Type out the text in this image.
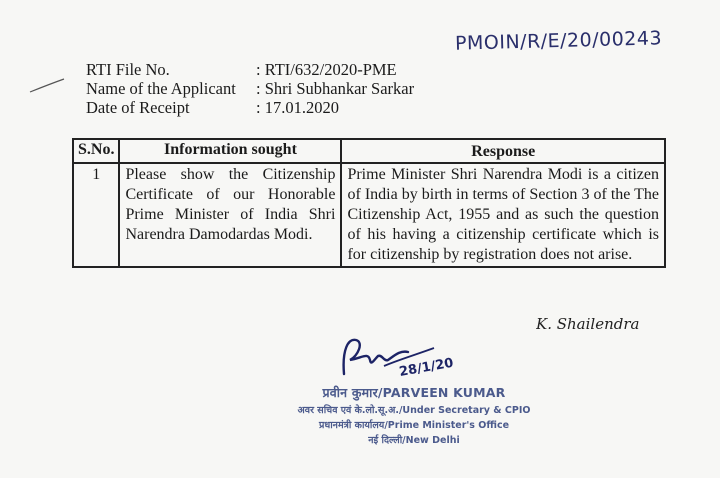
PMOIN/R/E/20/00243
RTI File No.	: RTI/632/2020-PME
Name of the Applicant : Shri Subhankar Sarkar
Date of Receipt	: 17.01.2020
S.No.	Information sought	Response
1	Please show the Citizenship Certificate of our Honorable Prime Minister of India Shri Narendra Damodardas Modi.	Prime Minister Shri Narendra Modi is a citizen of India by birth in terms of Section 3 of the The Citizenship Act, 1955 and as such the question of his having a citizenship certificate which is for citizenship by registration does not arise.
K. Shailendra
28/1/20
प्रवीन कुमार/PARVEEN KUMAR
अवर सचिव एवं के.लो.सू.अ./Under Secretary & CPIO
प्रधानमंत्री कार्यालय/Prime Minister's Office
नई दिल्ली/New Delhi
